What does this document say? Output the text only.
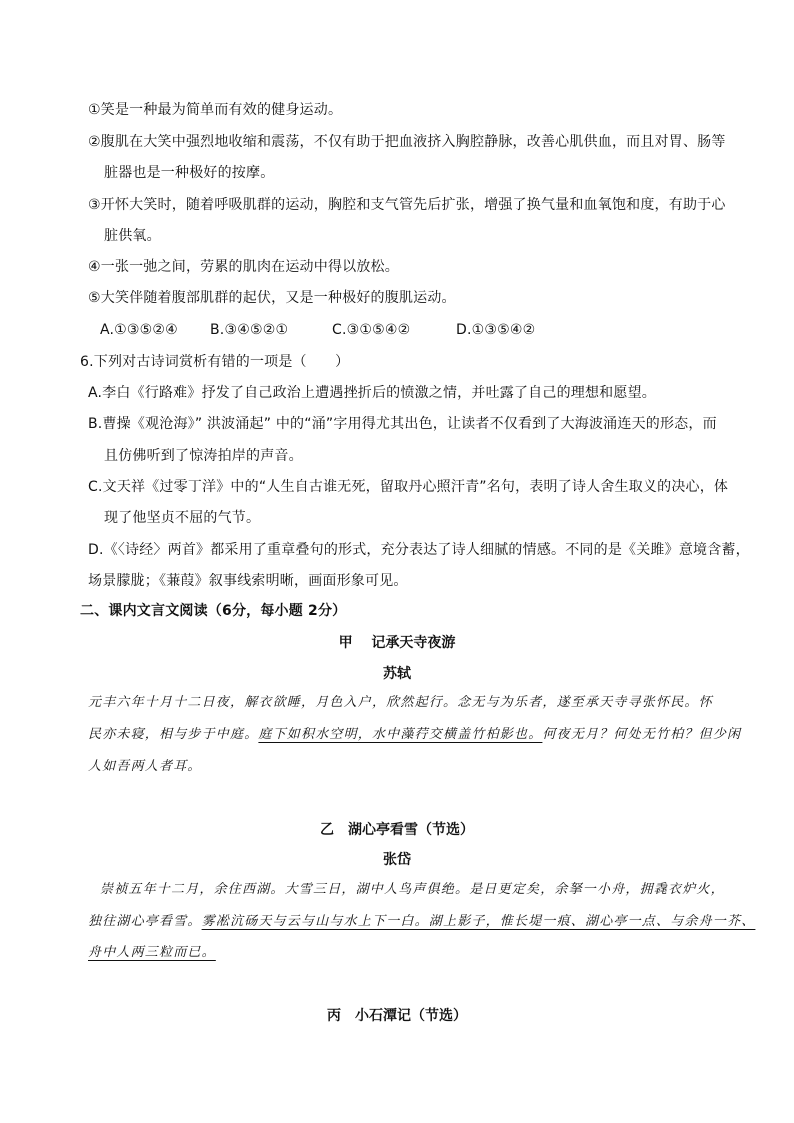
①笑是一种最为简单而有效的健身运动。
②腹肌在大笑中强烈地收缩和震荡，不仅有助于把血液挤入胸腔静脉，改善心肌供血，而且对胃、肠等
脏器也是一种极好的按摩。
③开怀大笑时，随着呼吸肌群的运动，胸腔和支气管先后扩张，增强了换气量和血氧饱和度，有助于心
脏供氧。
④一张一弛之间，劳累的肌肉在运动中得以放松。
⑤大笑伴随着腹部肌群的起伏，又是一种极好的腹肌运动。
A.①③⑤②④ B.③④⑤②①	C.③①⑤④②	D.①③⑤④②
6.下列对古诗词赏析有错的一项是（　　）
A.李白《行路难》抒发了自己政治上遭遇挫折后的愤激之情，并吐露了自己的理想和愿望。
B.曹操《观沧海》” 洪波涌起” 中的“涌”字用得尤其出色，让读者不仅看到了大海波涌连天的形态，而
且仿佛听到了惊涛拍岸的声音。
C.文天祥《过零丁洋》中的“人生自古谁无死，留取丹心照汗青”名句，表明了诗人舍生取义的决心，体
现了他坚贞不屈的气节。
D.《〈诗经〉两首》都采用了重章叠句的形式，充分表达了诗人细腻的情感。不同的是《关雎》意境含蓄，
场景朦胧；《蒹葭》叙事线索明晰，画面形象可见。
二、课内文言文阅读（6分，每小题 2分）
甲　 记承天寺夜游
苏轼
元丰六年十月十二日夜，解衣欲睡，月色入户，欣然起行。念无与为乐者，遂至承天寺寻张怀民。怀
民亦未寝，相与步于中庭。庭下如积水空明，水中藻荇交横盖竹柏影也。何夜无月？何处无竹柏？但少闲
人如吾两人者耳。
乙　湖心亭看雪（节选）
张岱
崇祯五年十二月，余住西湖。大雪三日，湖中人鸟声俱绝。是日更定矣，余拏一小舟，拥毳衣炉火，
独往湖心亭看雪。雾凇沆砀天与云与山与水上下一白。湖上影子，惟长堤一痕、湖心亭一点、与余舟一芥、
舟中人两三粒而已。
丙　小石潭记（节选）
